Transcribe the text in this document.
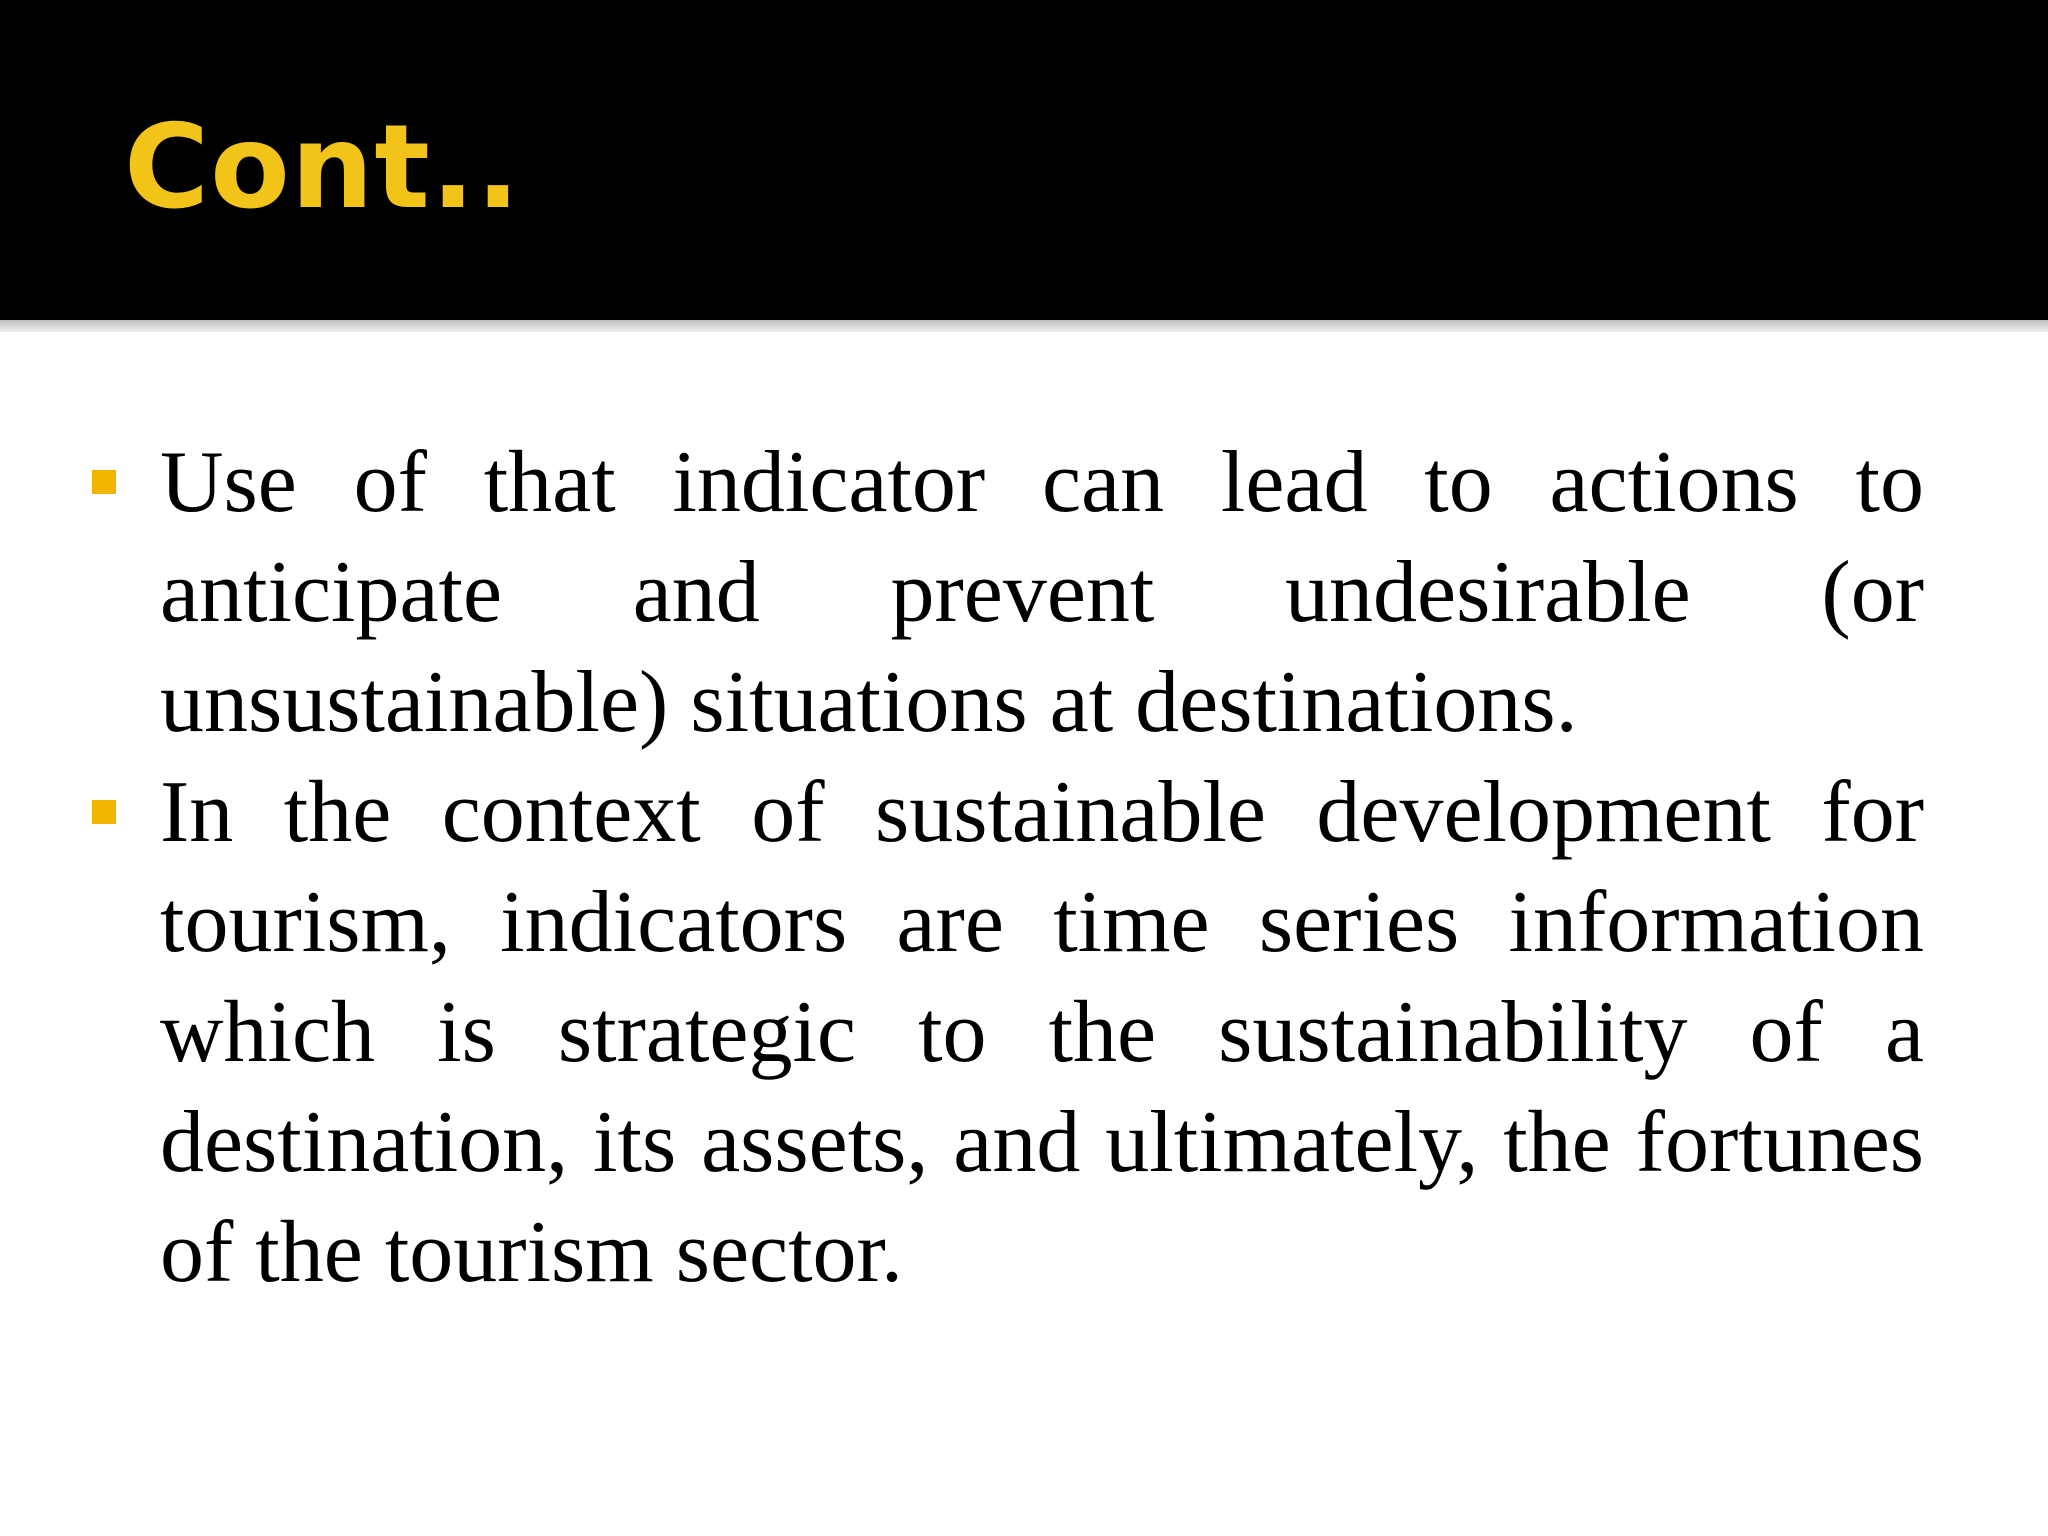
Cont..
Use of that indicator can lead to actions to anticipate and prevent undesirable (or unsustainable) situations at destinations.
In the context of sustainable development for tourism, indicators are time series information which is strategic to the sustainability of a destination, its assets, and ultimately, the fortunes of the tourism sector.
